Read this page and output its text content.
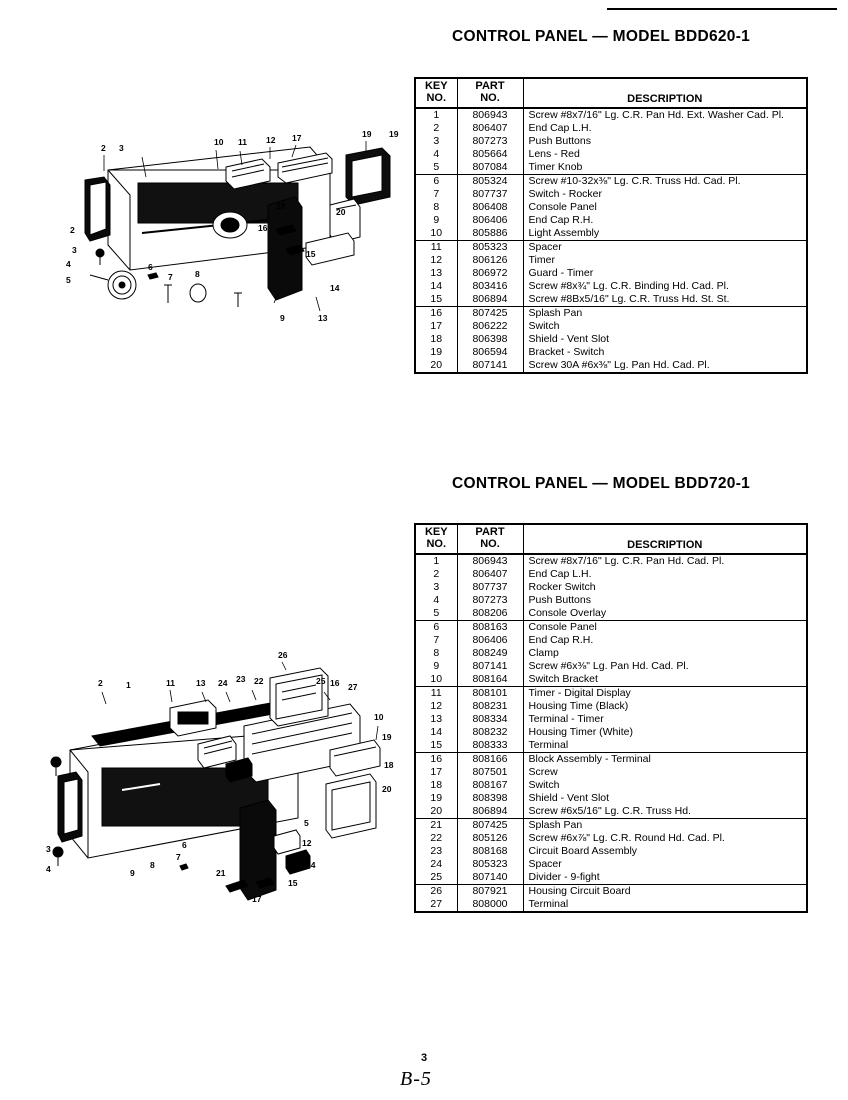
CONTROL PANEL — MODEL BDD620-1
3
4
5
2
2 3
6
7	8
10 11 12 17	19 19
9	13
14
15
16
18
20
KEY
NO.	PART
NO.	DESCRIPTION
1	806943	Screw #8x7/16" Lg. C.R. Pan Hd. Ext. Washer Cad. Pl.
2	806407	End Cap L.H.
3	807273	Push Buttons
4	805664	Lens - Red
5	807084	Timer Knob
6	805324	Screw #10-32x⅜" Lg. C.R. Truss Hd. Cad. Pl.
7	807737	Switch - Rocker
8	806408	Console Panel
9	806406	End Cap R.H.
10	805886	Light Assembly
11	805323	Spacer
12	806126	Timer
13	806972	Guard - Timer
14	803416	Screw #8x¾" Lg. C.R. Binding Hd. Cad. Pl.
15	806894	Screw #8Bx5/16" Lg. C.R. Truss Hd. St. St.
16	807425	Splash Pan
17	806222	Switch
18	806398	Shield - Vent Slot
19	806594	Bracket - Switch
20	807141	Screw 30A #6x⅜" Lg. Pan Hd. Cad. Pl.
CONTROL PANEL — MODEL BDD720-1
2	1	11 13 24 23 22
26
25 16 27
10
19
18
20
5
12
14
15
17
21
6
7
8
9
3
4
KEY
NO.	PART
NO.	DESCRIPTION
1	806943	Screw #8x7/16" Lg. C.R. Pan Hd. Cad. Pl.
2	806407	End Cap L.H.
3	807737	Rocker Switch
4	807273	Push Buttons
5	808206	Console Overlay
6	808163	Console Panel
7	806406	End Cap R.H.
8	808249	Clamp
9	807141	Screw #6x⅜" Lg. Pan Hd. Cad. Pl.
10	808164	Switch Bracket
11	808101	Timer - Digital Display
12	808231	Housing Time (Black)
13	808334	Terminal - Timer
14	808232	Housing Timer (White)
15	808333	Terminal
16	808166	Block Assembly - Terminal
17	807501	Screw
18	808167	Switch
19	808398	Shield - Vent Slot
20	806894	Screw #6x5/16" Lg. C.R. Truss Hd.
21	807425	Splash Pan
22	805126	Screw #6x⅞" Lg. C.R. Round Hd. Cad. Pl.
23	808168	Circuit Board Assembly
24	805323	Spacer
25	807140	Divider - 9-fight
26	807921	Housing Circuit Board
27	808000	Terminal
3
B-5
